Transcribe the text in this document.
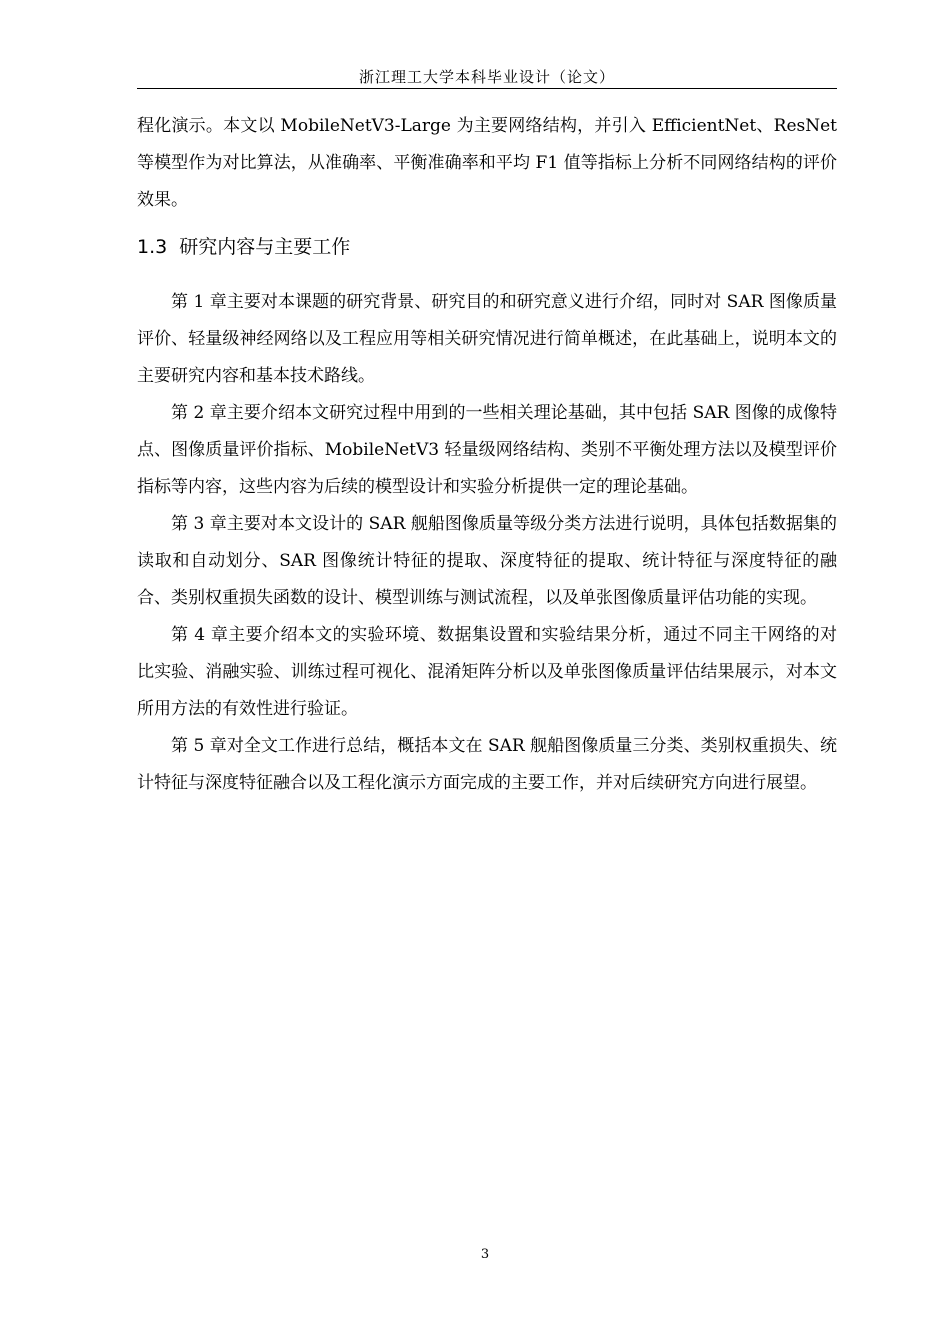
浙江理工大学本科毕业设计（论文）

程化演示。本文以 MobileNetV3-Large 为主要网络结构，并引入 EfficientNet、ResNet 等模型作为对比算法，从准确率、平衡准确率和平均 F1 值等指标上分析不同网络结构的评价效果。

1.3 研究内容与主要工作

第 1 章主要对本课题的研究背景、研究目的和研究意义进行介绍，同时对 SAR 图像质量评价、轻量级神经网络以及工程应用等相关研究情况进行简单概述，在此基础上，说明本文的主要研究内容和基本技术路线。

第 2 章主要介绍本文研究过程中用到的一些相关理论基础，其中包括 SAR 图像的成像特点、图像质量评价指标、MobileNetV3 轻量级网络结构、类别不平衡处理方法以及模型评价指标等内容，这些内容为后续的模型设计和实验分析提供一定的理论基础。

第 3 章主要对本文设计的 SAR 舰船图像质量等级分类方法进行说明，具体包括数据集的读取和自动划分、SAR 图像统计特征的提取、深度特征的提取、统计特征与深度特征的融合、类别权重损失函数的设计、模型训练与测试流程，以及单张图像质量评估功能的实现。

第 4 章主要介绍本文的实验环境、数据集设置和实验结果分析，通过不同主干网络的对比实验、消融实验、训练过程可视化、混淆矩阵分析以及单张图像质量评估结果展示，对本文所用方法的有效性进行验证。

第 5 章对全文工作进行总结，概括本文在 SAR 舰船图像质量三分类、类别权重损失、统计特征与深度特征融合以及工程化演示方面完成的主要工作，并对后续研究方向进行展望。

3
